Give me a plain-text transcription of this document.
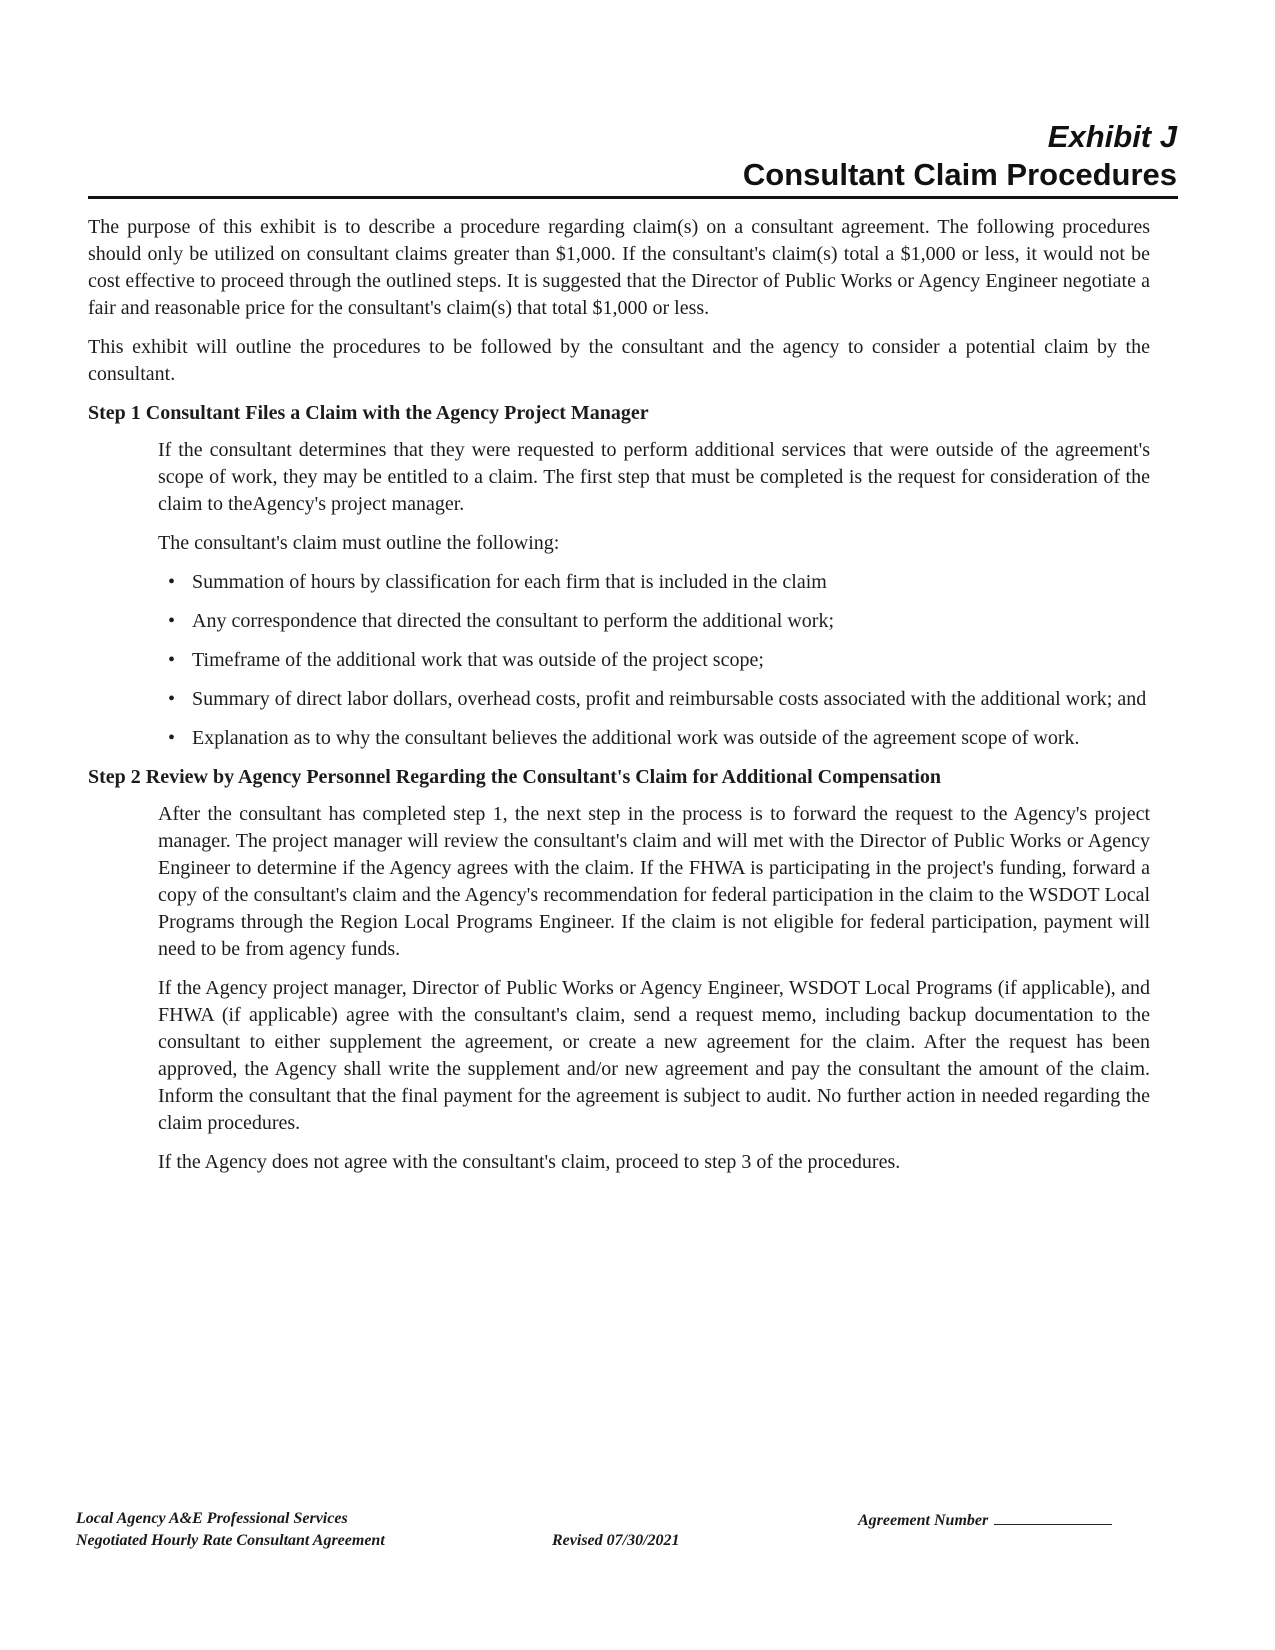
Exhibit J
Consultant Claim Procedures

The purpose of this exhibit is to describe a procedure regarding claim(s) on a consultant agreement. The following procedures should only be utilized on consultant claims greater than $1,000. If the consultant's claim(s) total a $1,000 or less, it would not be cost effective to proceed through the outlined steps. It is suggested that the Director of Public Works or Agency Engineer negotiate a fair and reasonable price for the consultant's claim(s) that total $1,000 or less.

This exhibit will outline the procedures to be followed by the consultant and the agency to consider a potential claim by the consultant.

Step 1 Consultant Files a Claim with the Agency Project Manager

If the consultant determines that they were requested to perform additional services that were outside of the agreement's scope of work, they may be entitled to a claim. The first step that must be completed is the request for consideration of the claim to theAgency's project manager.

The consultant's claim must outline the following:

• Summation of hours by classification for each firm that is included in the claim
• Any correspondence that directed the consultant to perform the additional work;
• Timeframe of the additional work that was outside of the project scope;
• Summary of direct labor dollars, overhead costs, profit and reimbursable costs associated with the additional work; and
• Explanation as to why the consultant believes the additional work was outside of the agreement scope of work.
Step 2 Review by Agency Personnel Regarding the Consultant's Claim for Additional Compensation

After the consultant has completed step 1, the next step in the process is to forward the request to the Agency's project manager. The project manager will review the consultant's claim and will met with the Director of Public Works or Agency Engineer to determine if the Agency agrees with the claim. If the FHWA is participating in the project's funding, forward a copy of the consultant's claim and the Agency's recommendation for federal participation in the claim to the WSDOT Local Programs through the Region Local Programs Engineer. If the claim is not eligible for federal participation, payment will need to be from agency funds.

If the Agency project manager, Director of Public Works or Agency Engineer, WSDOT Local Programs (if applicable), and FHWA (if applicable) agree with the consultant's claim, send a request memo, including backup documentation to the consultant to either supplement the agreement, or create a new agreement for the claim. After the request has been approved, the Agency shall write the supplement and/or new agreement and pay the consultant the amount of the claim. Inform the consultant that the final payment for the agreement is subject to audit. No further action in needed regarding the claim procedures.

If the Agency does not agree with the consultant's claim, proceed to step 3 of the procedures.

Local Agency A&E Professional Services
Negotiated Hourly Rate Consultant Agreement	Revised 07/30/2021
Agreement Number
